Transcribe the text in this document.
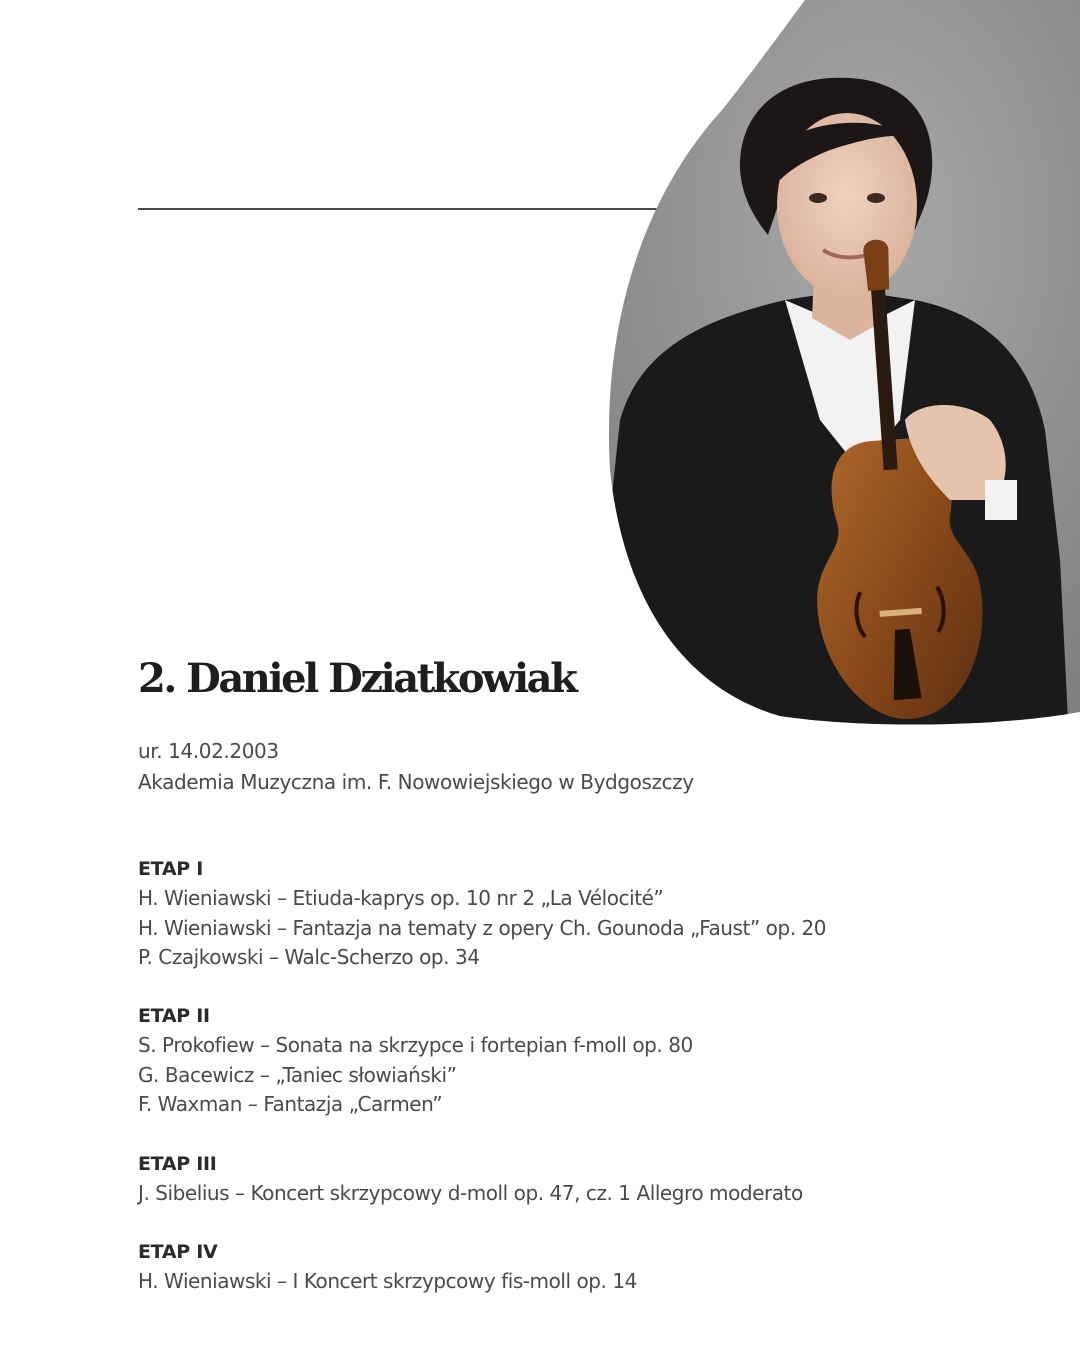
2. Daniel Dziatkowiak
ur. 14.02.2003
Akademia Muzyczna im. F. Nowowiejskiego w Bydgoszczy
ETAP I
H. Wieniawski – Etiuda-kaprys op. 10 nr 2 „La Vélocité”
H. Wieniawski – Fantazja na tematy z opery Ch. Gounoda „Faust” op. 20
P. Czajkowski – Walc-Scherzo op. 34
ETAP II
S. Prokofiew – Sonata na skrzypce i fortepian f-moll op. 80
G. Bacewicz – „Taniec słowiański”
F. Waxman – Fantazja „Carmen”
ETAP III
J. Sibelius – Koncert skrzypcowy d-moll op. 47, cz. 1 Allegro moderato
ETAP IV
H. Wieniawski – I Koncert skrzypcowy fis-moll op. 14
